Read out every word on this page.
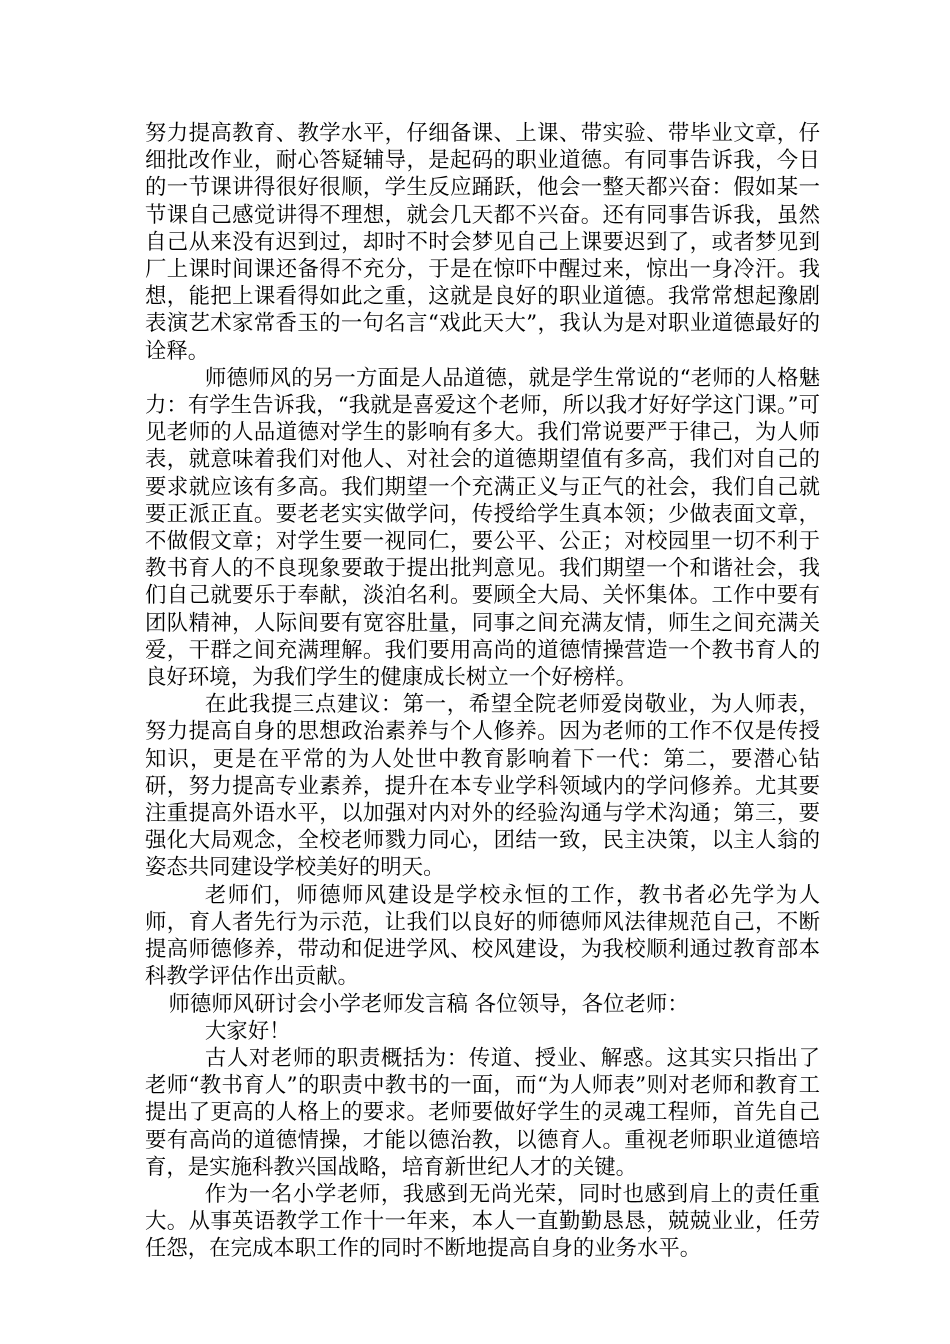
努力提高教育、教学水平，仔细备课、上课、带实验、带毕业文章，仔细批改作业，耐心答疑辅导，是起码的职业道德。有同事告诉我，今日的一节课讲得很好很顺，学生反应踊跃，他会一整天都兴奋：假如某一节课自己感觉讲得不理想，就会几天都不兴奋。还有同事告诉我，虽然自己从来没有迟到过，却时不时会梦见自己上课要迟到了，或者梦见到厂上课时间课还备得不充分，于是在惊吓中醒过来，惊出一身冷汗。我想，能把上课看得如此之重，这就是良好的职业道德。我常常想起豫剧表演艺术家常香玉的一句名言“戏此天大”，我认为是对职业道德最好的诠释。

师德师风的另一方面是人品道德，就是学生常说的“老师的人格魅力：有学生告诉我，“我就是喜爱这个老师，所以我才好好学这门课。”可见老师的人品道德对学生的影响有多大。我们常说要严于律己，为人师表，就意味着我们对他人、对社会的道德期望值有多高，我们对自己的要求就应该有多高。我们期望一个充满正义与正气的社会，我们自己就要正派正直。要老老实实做学问，传授给学生真本领；少做表面文章，不做假文章；对学生要一视同仁，要公平、公正；对校园里一切不利于教书育人的不良现象要敢于提出批判意见。我们期望一个和谐社会，我们自己就要乐于奉献，淡泊名利。要顾全大局、关怀集体。工作中要有团队精神，人际间要有宽容肚量，同事之间充满友情，师生之间充满关爱，干群之间充满理解。我们要用高尚的道德情操营造一个教书育人的良好环境，为我们学生的健康成长树立一个好榜样。

在此我提三点建议：第一，希望全院老师爱岗敬业，为人师表，努力提高自身的思想政治素养与个人修养。因为老师的工作不仅是传授知识，更是在平常的为人处世中教育影响着下一代：第二，要潜心钻研，努力提高专业素养，提升在本专业学科领域内的学问修养。尤其要注重提高外语水平，以加强对内对外的经验沟通与学术沟通；第三，要强化大局观念，全校老师戮力同心，团结一致，民主决策，以主人翁的姿态共同建设学校美好的明天。

老师们，师德师风建设是学校永恒的工作，教书者必先学为人师，育人者先行为示范，让我们以良好的师德师风法律规范自己，不断提高师德修养，带动和促进学风、校风建设，为我校顺利通过教育部本科教学评估作出贡献。

师德师风研讨会小学老师发言稿 各位领导，各位老师：

大家好！

古人对老师的职责概括为：传道、授业、解惑。这其实只指出了老师“教书育人”的职责中教书的一面，而“为人师表”则对老师和教育工提出了更高的人格上的要求。老师要做好学生的灵魂工程师，首先自己要有高尚的道德情操，才能以德治教，以德育人。重视老师职业道德培育，是实施科教兴国战略，培育新世纪人才的关键。

作为一名小学老师，我感到无尚光荣，同时也感到肩上的责任重大。从事英语教学工作十一年来，本人一直勤勤恳恳，兢兢业业，任劳任怨，在完成本职工作的同时不断地提高自身的业务水平。
